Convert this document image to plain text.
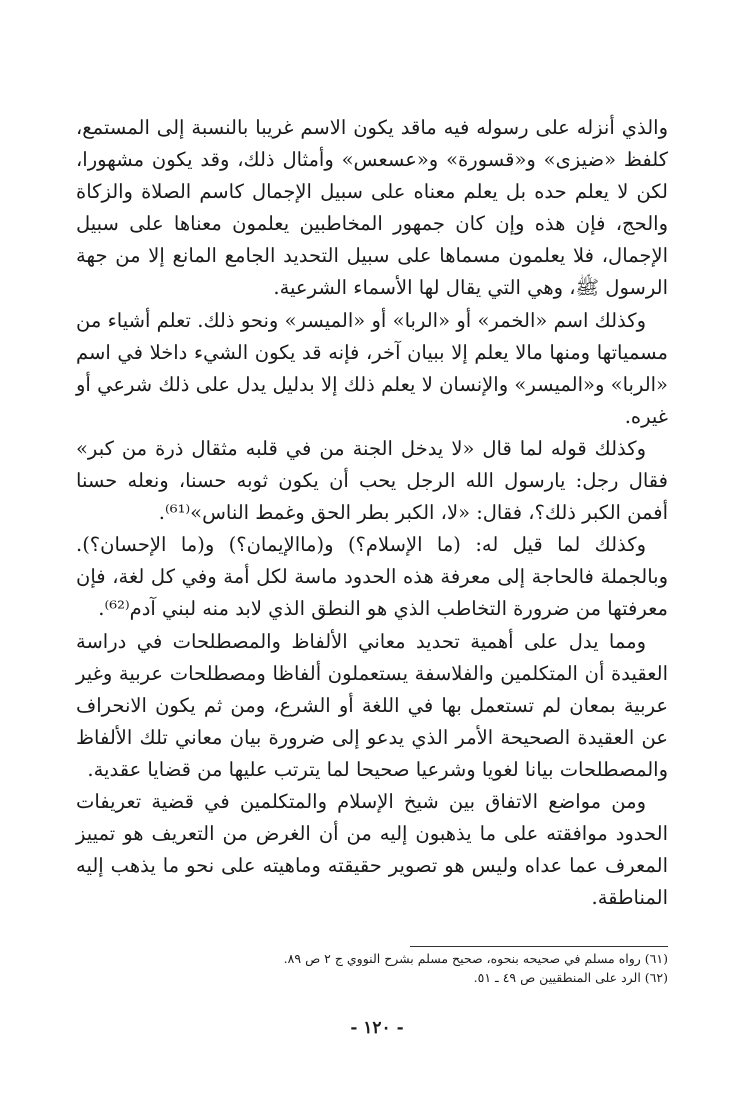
والذي أنزله على رسوله فيه ماقد يكون الاسم غريبا بالنسبة إلى المستمع، كلفظ «ضيزى» و«قسورة» و«عسعس» وأمثال ذلك، وقد يكون مشهورا، لكن لا يعلم حده بل يعلم معناه على سبيل الإجمال كاسم الصلاة والزكاة والحج، فإن هذه وإن كان جمهور المخاطبين يعلمون معناها على سبيل الإجمال، فلا يعلمون مسماها على سبيل التحديد الجامع المانع إلا من جهة الرسول ﷺ، وهي التي يقال لها الأسماء الشرعية.

وكذلك اسم «الخمر» أو «الربا» أو «الميسر» ونحو ذلك. تعلم أشياء من مسمياتها ومنها مالا يعلم إلا ببيان آخر، فإنه قد يكون الشيء داخلا في اسم «الربا» و«الميسر» والإنسان لا يعلم ذلك إلا بدليل يدل على ذلك شرعي أو غيره.

وكذلك قوله لما قال «لا يدخل الجنة من في قلبه مثقال ذرة من كبر» فقال رجل: يارسول الله الرجل يحب أن يكون ثوبه حسنا، ونعله حسنا أفمن الكبر ذلك؟، فقال: «لا، الكبر بطر الحق وغمط الناس»⁽⁶¹⁾.

وكذلك لما قيل له: (ما الإسلام؟) و(ماالإيمان؟) و(ما الإحسان؟). وبالجملة فالحاجة إلى معرفة هذه الحدود ماسة لكل أمة وفي كل لغة، فإن معرفتها من ضرورة التخاطب الذي هو النطق الذي لابد منه لبني آدم⁽⁶²⁾.

ومما يدل على أهمية تحديد معاني الألفاظ والمصطلحات في دراسة العقيدة أن المتكلمين والفلاسفة يستعملون ألفاظا ومصطلحات عربية وغير عربية بمعان لم تستعمل بها في اللغة أو الشرع، ومن ثم يكون الانحراف عن العقيدة الصحيحة الأمر الذي يدعو إلى ضرورة بيان معاني تلك الألفاظ والمصطلحات بيانا لغويا وشرعيا صحيحا لما يترتب عليها من قضايا عقدية.

ومن مواضع الاتفاق بين شيخ الإسلام والمتكلمين في قضية تعريفات الحدود موافقته على ما يذهبون إليه من أن الغرض من التعريف هو تمييز المعرف عما عداه وليس هو تصوير حقيقته وماهيته على نحو ما يذهب إليه المناطقة.

(٦١) رواه مسلم في صحيحه بنحوه، صحيح مسلم بشرح النووي ج ٢ ص ٨٩.

(٦٢) الرد على المنطقيين ص ٤٩ ـ ٥١.

- ١٢٠ -
